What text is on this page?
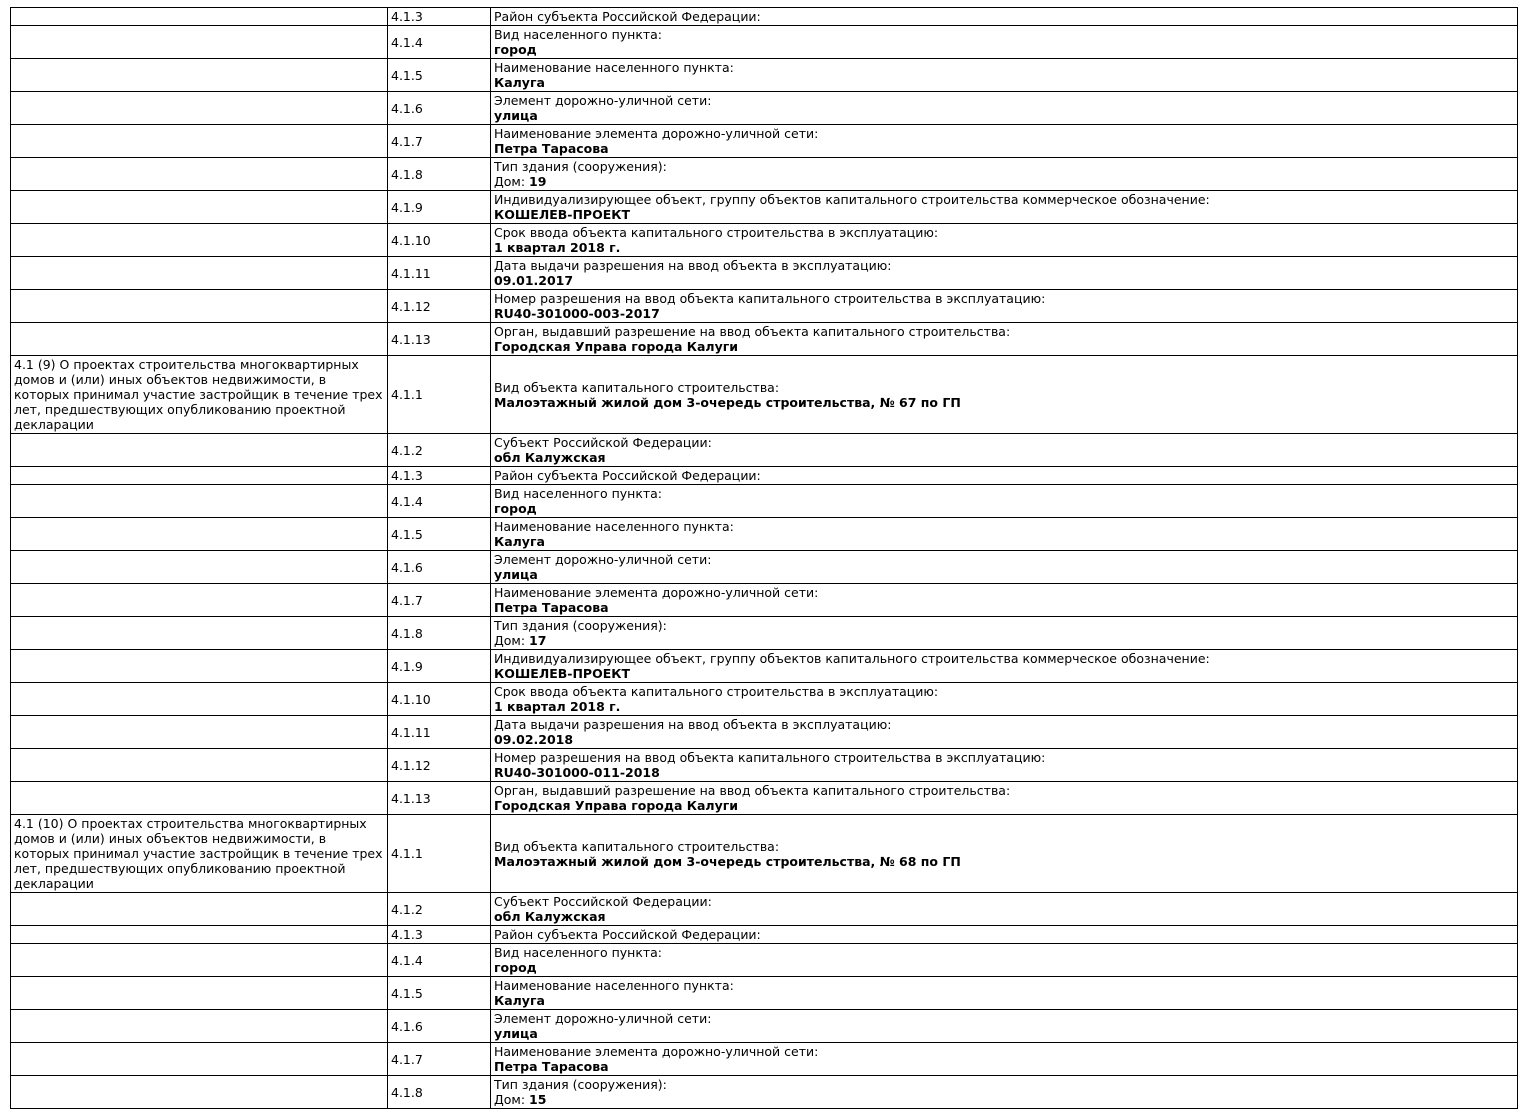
	4.1.3	Район субъекта Российской Федерации:

	4.1.4	Вид населенного пункта:
город

	4.1.5	Наименование населенного пункта:
Калуга

	4.1.6	Элемент дорожно-уличной сети:
улица

	4.1.7	Наименование элемента дорожно-уличной сети:
Петра Тарасова

	4.1.8	Тип здания (сооружения):
Дом: 19

	4.1.9	Индивидуализирующее объект, группу объектов капитального строительства коммерческое обозначение:
КОШЕЛЕВ-ПРОЕКТ

	4.1.10	Срок ввода объекта капитального строительства в эксплуатацию:
1 квартал 2018 г.

	4.1.11	Дата выдачи разрешения на ввод объекта в эксплуатацию:
09.01.2017

	4.1.12	Номер разрешения на ввод объекта капитального строительства в эксплуатацию:
RU40-301000-003-2017

	4.1.13	Орган, выдавший разрешение на ввод объекта капитального строительства:
Городская Управа города Калуги

4.1 (9) О проектах строительства многоквартирных домов и (или) иных объектов недвижимости, в которых принимал участие застройщик в течение трех лет, предшествующих опубликованию проектной декларации	4.1.1	Вид объекта капитального строительства:
Малоэтажный жилой дом 3-очередь строительства, № 67 по ГП

	4.1.2	Субъект Российской Федерации:
обл Калужская

	4.1.3	Район субъекта Российской Федерации:

	4.1.4	Вид населенного пункта:
город

	4.1.5	Наименование населенного пункта:
Калуга

	4.1.6	Элемент дорожно-уличной сети:
улица

	4.1.7	Наименование элемента дорожно-уличной сети:
Петра Тарасова

	4.1.8	Тип здания (сооружения):
Дом: 17

	4.1.9	Индивидуализирующее объект, группу объектов капитального строительства коммерческое обозначение:
КОШЕЛЕВ-ПРОЕКТ

	4.1.10	Срок ввода объекта капитального строительства в эксплуатацию:
1 квартал 2018 г.

	4.1.11	Дата выдачи разрешения на ввод объекта в эксплуатацию:
09.02.2018

	4.1.12	Номер разрешения на ввод объекта капитального строительства в эксплуатацию:
RU40-301000-011-2018

	4.1.13	Орган, выдавший разрешение на ввод объекта капитального строительства:
Городская Управа города Калуги

4.1 (10) О проектах строительства многоквартирных домов и (или) иных объектов недвижимости, в которых принимал участие застройщик в течение трех лет, предшествующих опубликованию проектной декларации	4.1.1	Вид объекта капитального строительства:
Малоэтажный жилой дом 3-очередь строительства, № 68 по ГП

	4.1.2	Субъект Российской Федерации:
обл Калужская

	4.1.3	Район субъекта Российской Федерации:

	4.1.4	Вид населенного пункта:
город

	4.1.5	Наименование населенного пункта:
Калуга

	4.1.6	Элемент дорожно-уличной сети:
улица

	4.1.7	Наименование элемента дорожно-уличной сети:
Петра Тарасова

	4.1.8	Тип здания (сооружения):
Дом: 15
